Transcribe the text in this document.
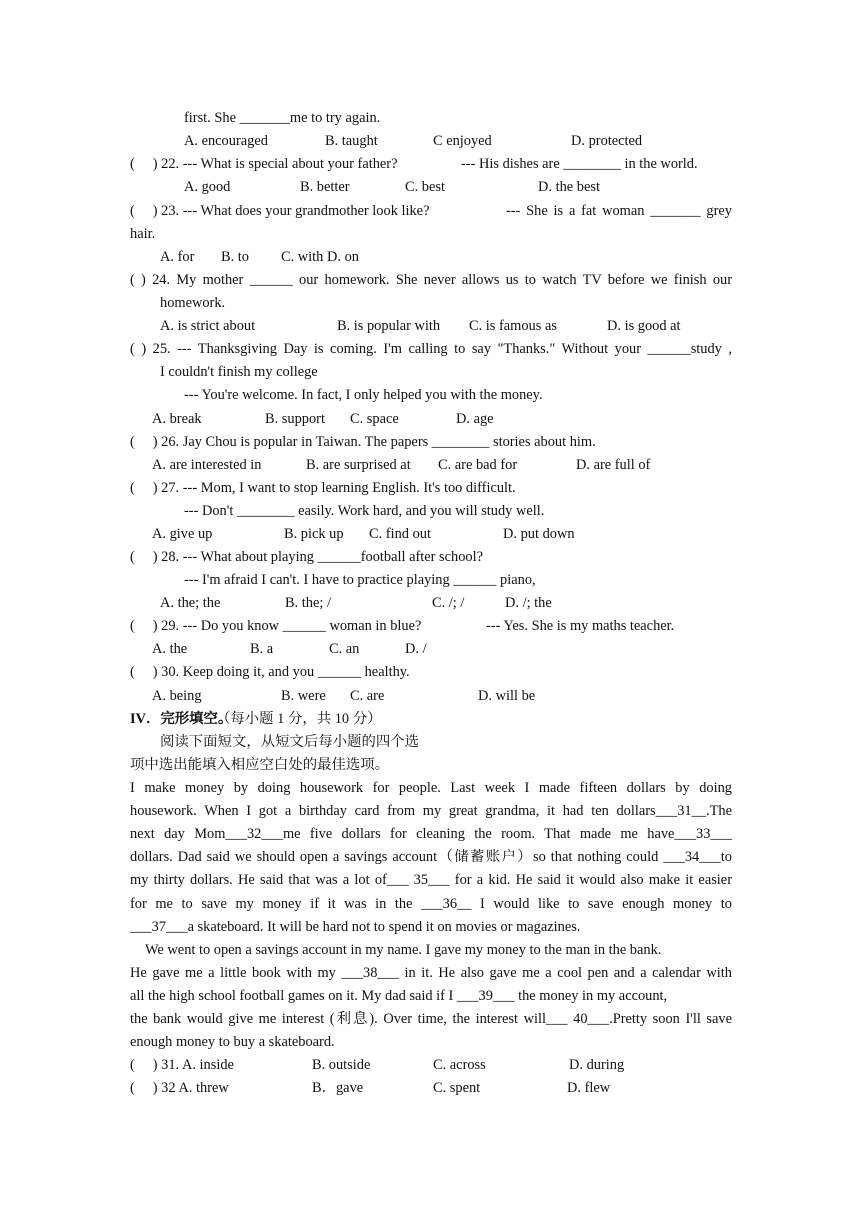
first. She _______me to try again.
A. encouraged	B. taught	C enjoyed	D. protected
(     ) 22. --- What is special about your father?	--- His dishes are ________ in the world.
A. good	B. better	C. best	D. the best
(     ) 23. --- What does your grandmother look like?	--- She is a fat woman _______ grey
hair.
A. for B. to C. with D. on
( ) 24. My mother ______ our homework. She never allows us to watch TV before we finish our
homework.
A. is strict about	B. is popular with C. is famous as	D. is good at
( ) 25. --- Thanksgiving Day is coming. I'm calling to say "Thanks." Without your ______study ,
I couldn't finish my college
--- You're welcome. In fact, I only helped you with the money.
A. break	B. support C. space	D. age
(     ) 26. Jay Chou is popular in Taiwan. The papers ________ stories about him.
A. are interested in	B. are surprised at C. are bad for	D. are full of
(     ) 27. --- Mom, I want to stop learning English. It's too difficult.
--- Don't ________ easily. Work hard, and you will study well.
A. give up	B. pick up C. find out	D. put down
(     ) 28. --- What about playing ______football after school?
--- I'm afraid I can't. I have to practice playing ______ piano,
A. the; the	B. the; /	C. /; /	D. /; the
(     ) 29. --- Do you know ______ woman in blue?	--- Yes. She is my maths teacher.
A. the	B. a	C. an	D. /
(     ) 30. Keep doing it, and you ______ healthy.
A. being	B. were C. are	D. will be
IV．完形填空。
（每小题 1 分，共 10 分）
阅读下面短文，从短文后每小题的四个选
项中选出能填入相应空白处的最佳选项。
I make money by doing housework for people. Last week I made fifteen dollars by doing
housework. When I got a birthday card from my great grandma, it had ten dollars___31__.The
next day Mom___32___me five dollars for cleaning the room. That made me have___33___
dollars. Dad said we should open a savings account（储蓄账户）so that nothing could ___34___to
my thirty dollars. He said that was a lot of___ 35___ for a kid. He said it would also make it easier
for me to save my money if it was in the ___36__ I would like to save enough money to
___37___a skateboard. It will be hard not to spend it on movies or magazines.
We went to open a savings account in my name. I gave my money to the man in the bank.
He gave me a little book with my ___38___ in it. He also gave me a cool pen and a calendar with
all the high school football games on it. My dad said if I ___39___ the money in my account,
the bank would give me interest (利息). Over time, the interest will___ 40___.Pretty soon I'll save
enough money to buy a skateboard.
(     ) 31. A. inside	B. outside	C. across	D. during
(     ) 32 A. threw	B．gave	C. spent	D. flew
